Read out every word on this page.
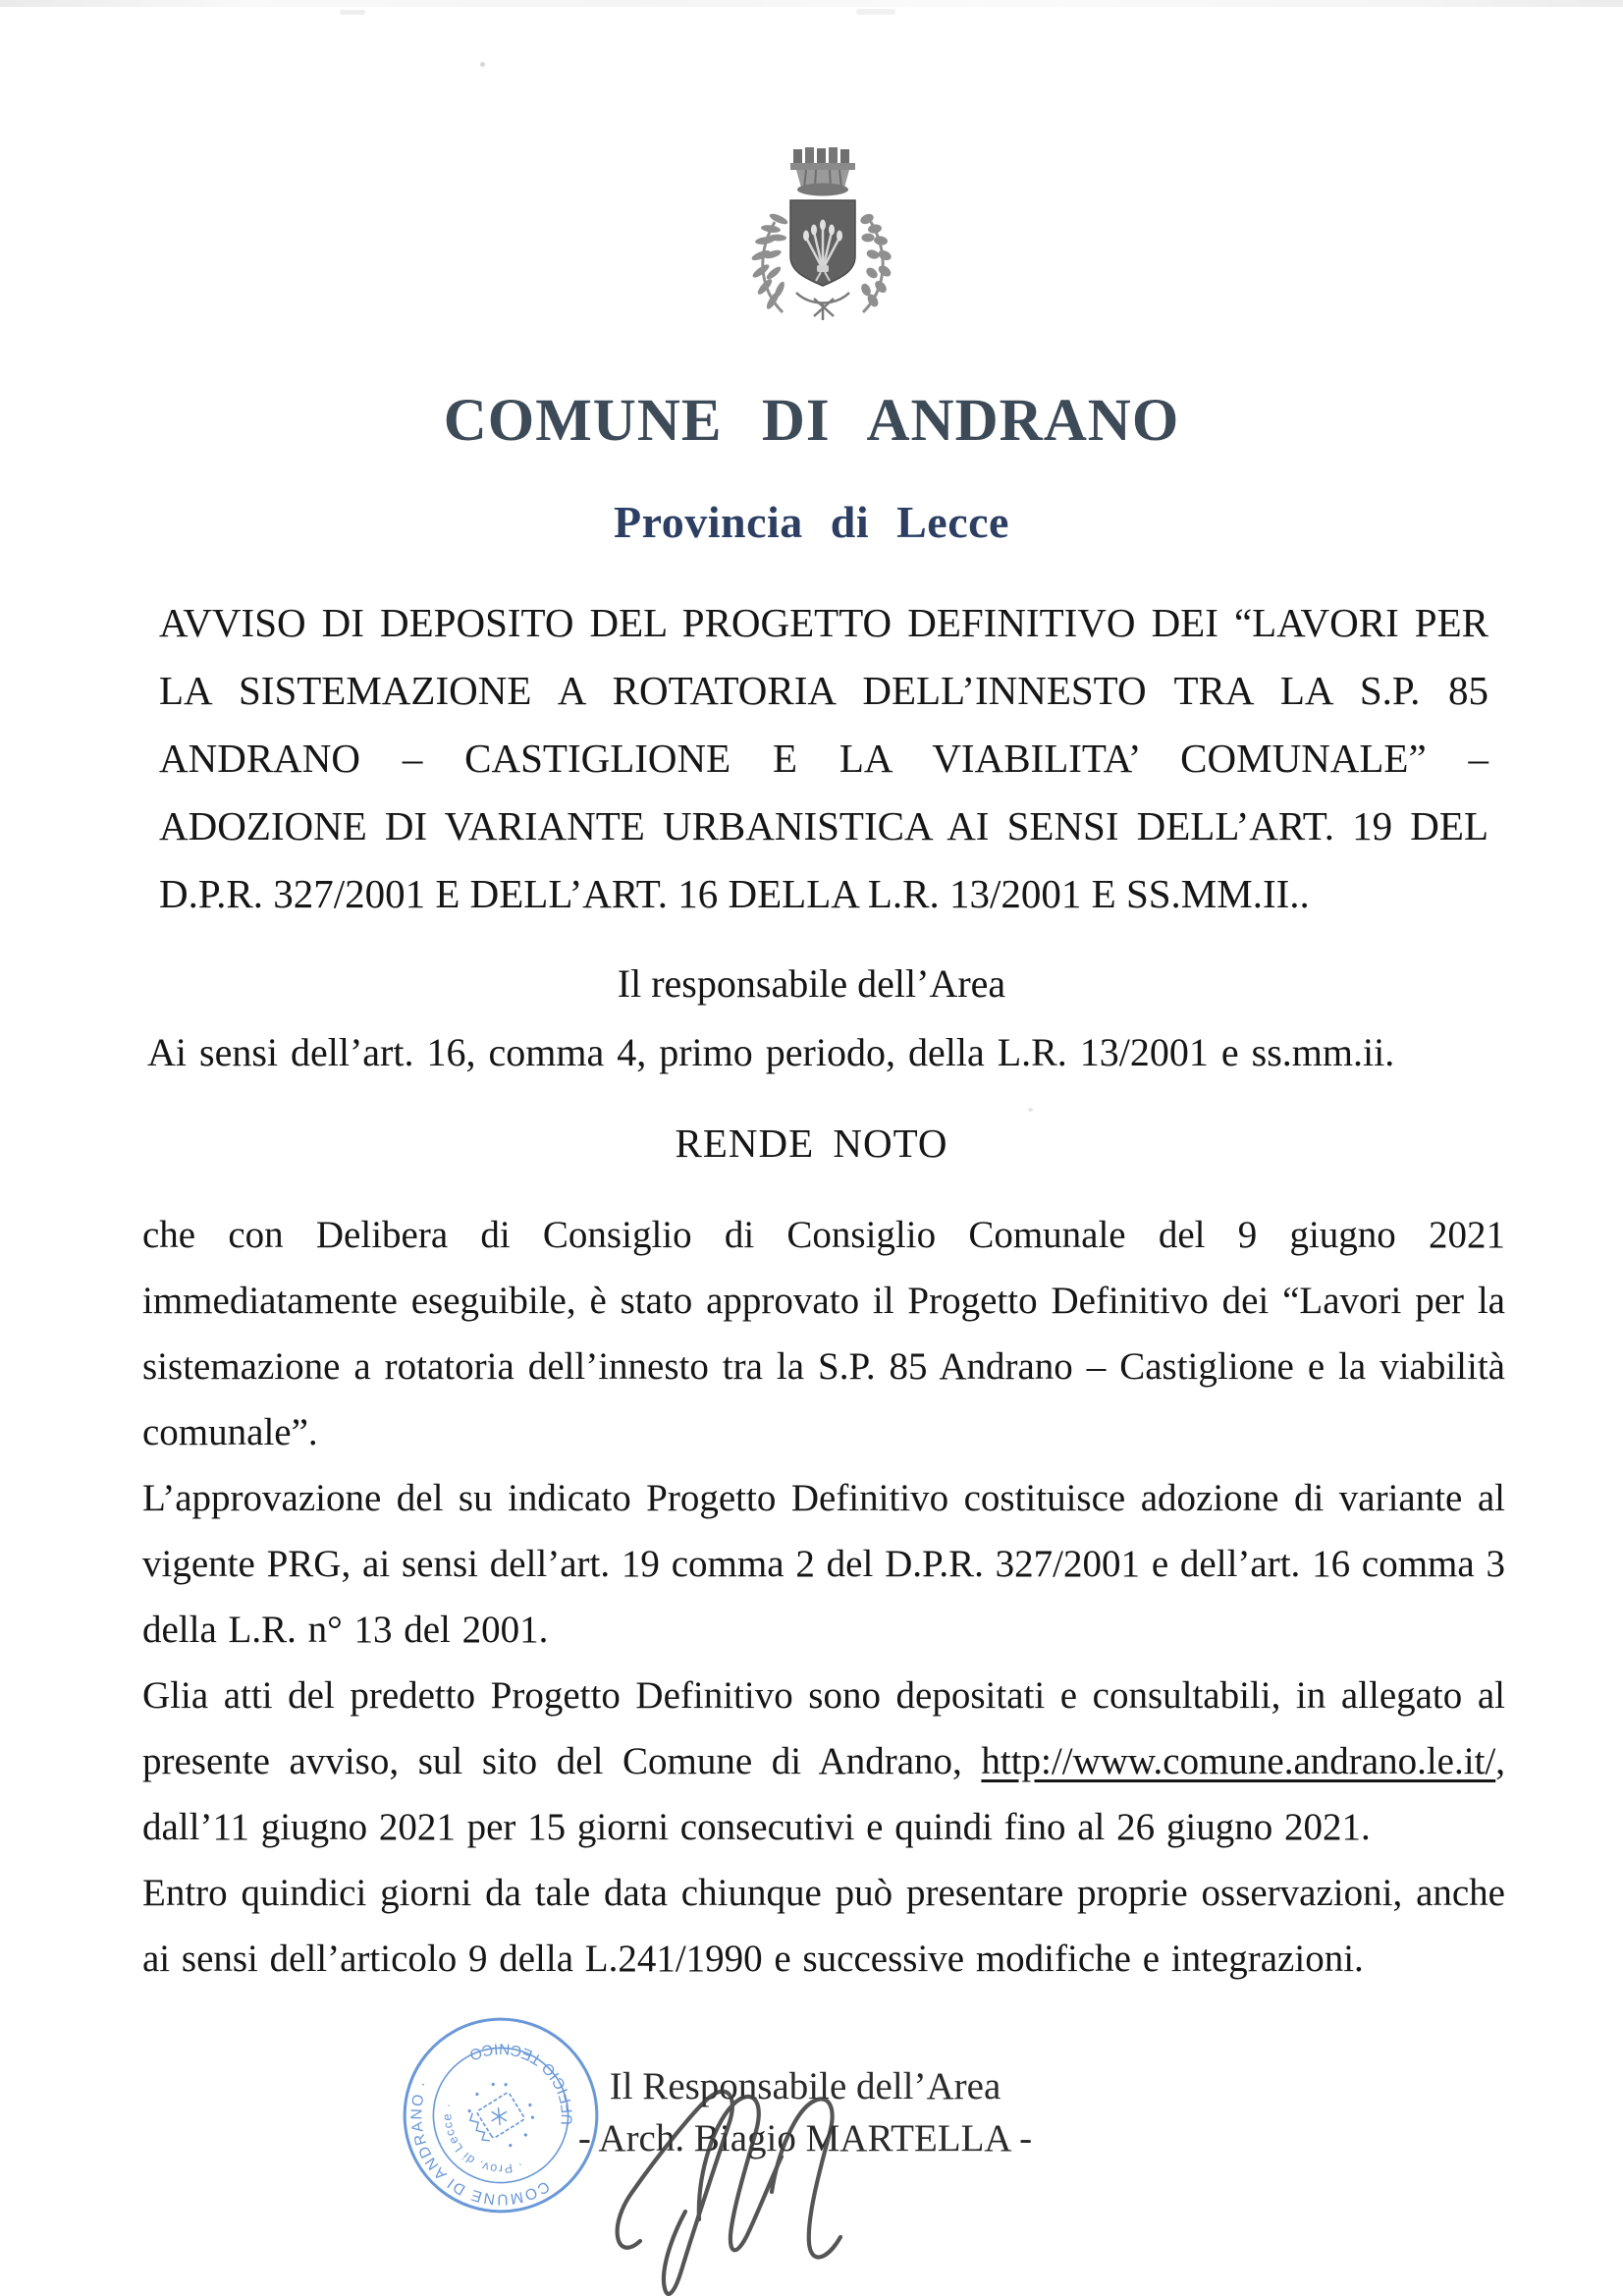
COMUNE DI ANDRANO
Provincia di Lecce
AVVISO DI DEPOSITO DEL PROGETTO DEFINITIVO DEI “LAVORI PER
LA SISTEMAZIONE A ROTATORIA DELL’INNESTO TRA LA S.P. 85
ANDRANO – CASTIGLIONE E LA VIABILITA’ COMUNALE” –
ADOZIONE DI VARIANTE URBANISTICA AI SENSI DELL’ART. 19 DEL
D.P.R. 327/2001 E DELL’ART. 16 DELLA L.R. 13/2001 E SS.MM.II..
Il responsabile dell’Area
Ai sensi dell’art. 16, comma 4, primo periodo, della L.R. 13/2001 e ss.mm.ii.
RENDE NOTO

che con Delibera di Consiglio di Consiglio Comunale del 9 giugno 2021 immediatamente eseguibile, è stato approvato il Progetto Definitivo dei “Lavori per la sistemazione a rotatoria dell’innesto tra la S.P. 85 Andrano – Castiglione e la viabilità comunale”.

L’approvazione del su indicato Progetto Definitivo costituisce adozione di variante al vigente PRG, ai sensi dell’art. 19 comma 2 del D.P.R. 327/2001 e dell’art. 16 comma 3 della L.R. n° 13 del 2001.

Glia atti del predetto Progetto Definitivo sono depositati e consultabili, in allegato al presente avviso, sul sito del Comune di Andrano, http://www.comune.andrano.le.it/, dall’11 giugno 2021 per 15 giorni consecutivi e quindi fino al 26 giugno 2021.

Entro quindici giorni da tale data chiunque può presentare proprie osservazioni, anche ai sensi dell’articolo 9 della L.241/1990 e successive modifiche e integrazioni.

COMUNE DI ANDRANO ·
· UFFICIO TECNICO
· Prov. di Lecce ·	Il Responsabile dell’Area
- Arch. Biagio MARTELLA -
